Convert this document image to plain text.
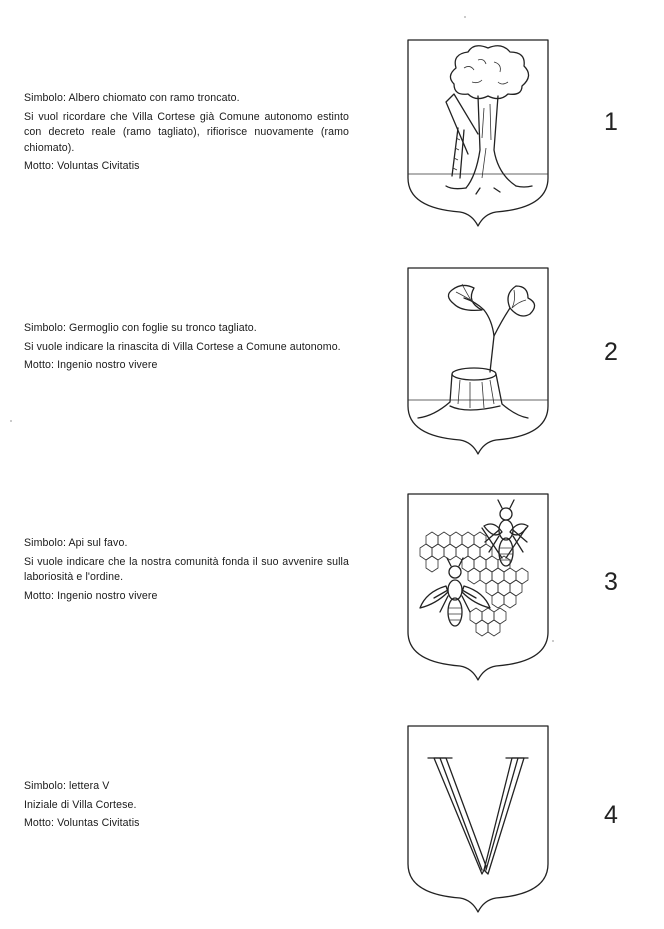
Simbolo: Albero chiomato con ramo troncato.

Si vuol ricordare che Villa Cortese già Comune autonomo estinto con decreto reale (ramo tagliato), rifiorisce nuovamente (ramo chiomato).

Motto: Voluntas Civitatis

1

Simbolo: Germoglio con foglie su tronco tagliato.

Si vuole indicare la rinascita di Villa Cortese a Comune autonomo.

Motto: Ingenio nostro vivere	2

Simbolo: Api sul favo.

Si vuole indicare che la nostra comunità fonda il suo avvenire sulla laboriosità e l'ordine.

Motto: Ingenio nostro vivere	3

Simbolo: lettera V

Iniziale di Villa Cortese.

Motto: Voluntas Civitatis	4
